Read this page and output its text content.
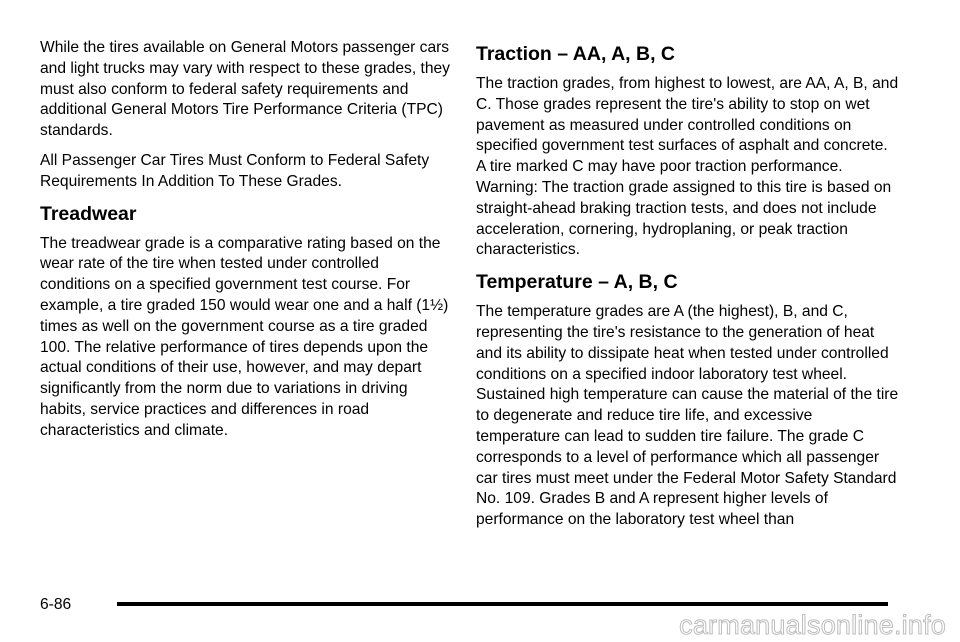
While the tires available on General Motors passenger cars and light trucks may vary with respect to these grades, they must also conform to federal safety requirements and additional General Motors Tire Performance Criteria (TPC) standards.

All Passenger Car Tires Must Conform to Federal Safety Requirements In Addition To These Grades.

Treadwear

The treadwear grade is a comparative rating based on the wear rate of the tire when tested under controlled conditions on a specified government test course. For example, a tire graded 150 would wear one and a half (1½) times as well on the government course as a tire graded 100. The relative performance of tires depends upon the actual conditions of their use, however, and may depart significantly from the norm due to variations in driving habits, service practices and differences in road characteristics and climate.

Traction – AA, A, B, C

The traction grades, from highest to lowest, are AA, A, B, and C. Those grades represent the tire's ability to stop on wet pavement as measured under controlled conditions on specified government test surfaces of asphalt and concrete. A tire marked C may have poor traction performance. Warning: The traction grade assigned to this tire is based on straight-ahead braking traction tests, and does not include acceleration, cornering, hydroplaning, or peak traction characteristics.

Temperature – A, B, C

The temperature grades are A (the highest), B, and C, representing the tire's resistance to the generation of heat and its ability to dissipate heat when tested under controlled conditions on a specified indoor laboratory test wheel. Sustained high temperature can cause the material of the tire to degenerate and reduce tire life, and excessive temperature can lead to sudden tire failure. The grade C corresponds to a level of performance which all passenger car tires must meet under the Federal Motor Safety Standard No. 109. Grades B and A represent higher levels of performance on the laboratory test wheel than

6-86
carmanualsonline.info
